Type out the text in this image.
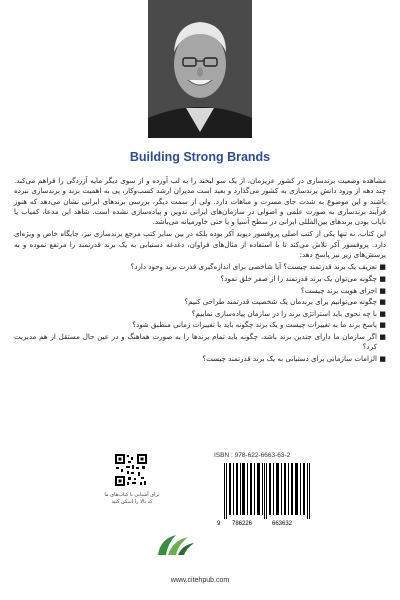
Building Strong Brands

مشاهده وضعیت برندسازی در کشور عزیزمان، از یک سو لبخند را به لب آورده و از سوی دیگر مایه آزردگی را فراهم می‌کند. چند دهه از ورود دانش برندسازی به کشور می‌گذارد و بعید است مدیران ارشد کسب‌وکار، پی به اهمیت برند و برندسازی نبرده باشند و این موضوع به شدت جای مسرت و مباهات دارد. ولی از سمت دیگر، بررسی برندهای ایرانی نشان می‌دهد که هنوز فرآیند برندسازی به صورت علمی و اصولی در سازمان‌های ایرانی تدوین و پیاده‌سازی نشده است. شاهد این مدعا، کمیاب یا نایاب بودن برندهای بین‌المللی ایرانی در سطح آسیا و یا حتی خاورمیانه می‌باشد.

این کتاب، نه تنها یکی از کتب اصلی پروفسور دیوید آکر بوده بلکه در بین سایر کتب مرجع برندسازی نیز، جایگاه خاص و ویژه‌ای دارد. پروفسور آکر تلاش می‌کند تا با استفاده از مثال‌های فراوان، دغدغه دستیابی به یک برند قدرتمند را مرتفع نموده و به پرسش‌های زیر نیز پاسخ دهد:

■
تعریف یک برند قدرتمند چیست؟ آیا شاخصی برای اندازه‌گیری قدرت برند وجود دارد؟
■
چگونه می‌توان یک برند قدرتمند را از صفر خلق نمود؟
■
اجزای هویت برند چیست؟
■
چگونه می‌توانیم برای برندمان یک شخصیت قدرتمند طراحی کنیم؟
■
با چه نحوی باید استراتژی برند را در سازمان پیاده‌سازی نماییم؟
■
پاسخ برند ما به تغییرات چیست و یک برند چگونه باید با تغییرات زمانی منطبق شود؟
■
اگر سازمان ما دارای چندین برند باشد، چگونه باید تمام برندها را به صورت هماهنگ و در عین حال مستقل از هم مدیریت کرد؟
■
الزامات سازمانی برای دستیابی به یک برند قدرتمند چیست؟
برای آشنایی با کتاب‌های ما کد بالا را اسکن کنید
ISBN : 978-622-6663-63-2
9 786226	663632
www.citehpub.com
